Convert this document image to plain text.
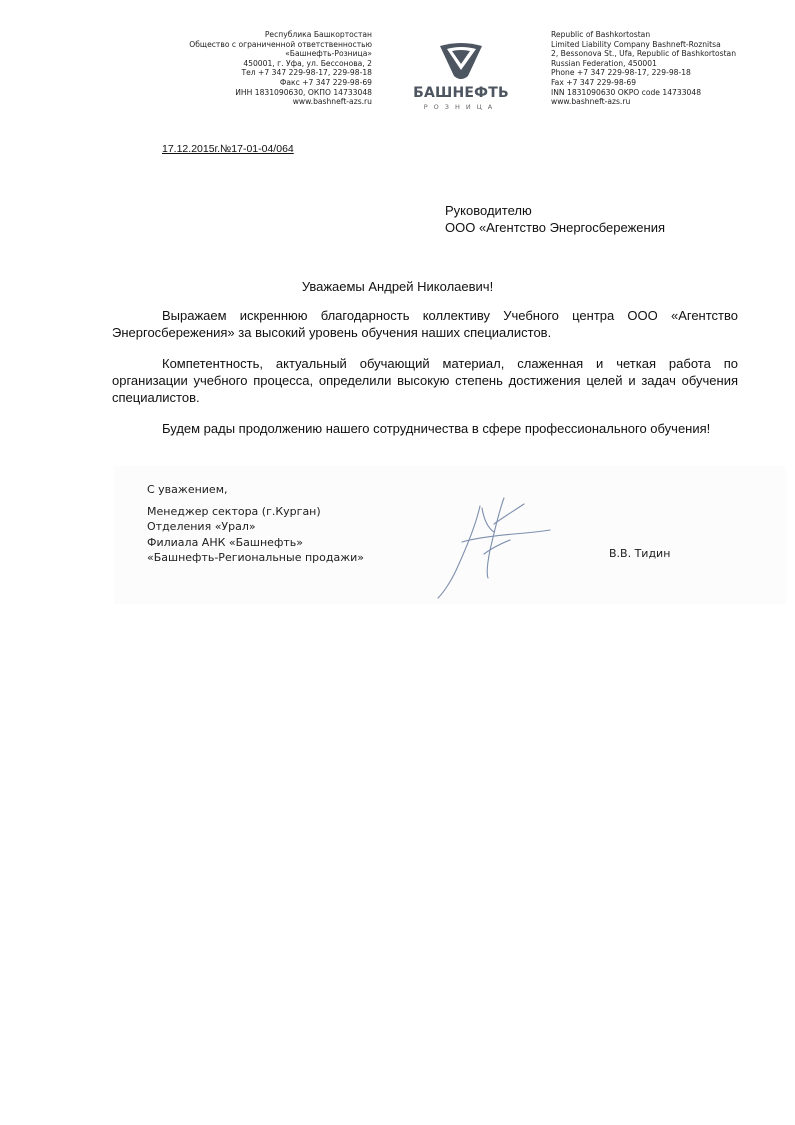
Республика Башкортостан
Общество с ограниченной ответственностью
«Башнефть-Розница»
450001, г. Уфа, ул. Бессонова, 2
Тел +7 347 229-98-17, 229-98-18
Факс +7 347 229-98-69
ИНН 1831090630, ОКПО 14733048
www.bashneft-azs.ru
БАШНЕФТЬ
РОЗНИЦА
Republic of Bashkortostan
Limited Liability Company Bashneft-Roznitsa
2, Bessonova St., Ufa, Republic of Bashkortostan
Russian Federation, 450001
Phone +7 347 229-98-17, 229-98-18
Fax +7 347 229-98-69
INN 1831090630 OKPO code 14733048
www.bashneft-azs.ru
17.12.2015г.№17-01-04/064
Руководителю
ООО «Агентство Энергосбережения
Уважаемы Андрей Николаевич!

Выражаем искреннюю благодарность коллективу Учебного центра ООО «Агентство Энергосбережения» за высокий уровень обучения наших специалистов.

Компетентность, актуальный обучающий материал, слаженная и четкая работа по организации учебного процесса, определили высокую степень достижения целей и задач обучения специалистов.

Будем рады продолжению нашего сотрудничества в сфере профессионального обучения!

С уважением,
Менеджер сектора (г.Курган)
Отделения «Урал»
Филиала АНК «Башнефть»
«Башнефть-Региональные продажи»	В.В. Тидин
